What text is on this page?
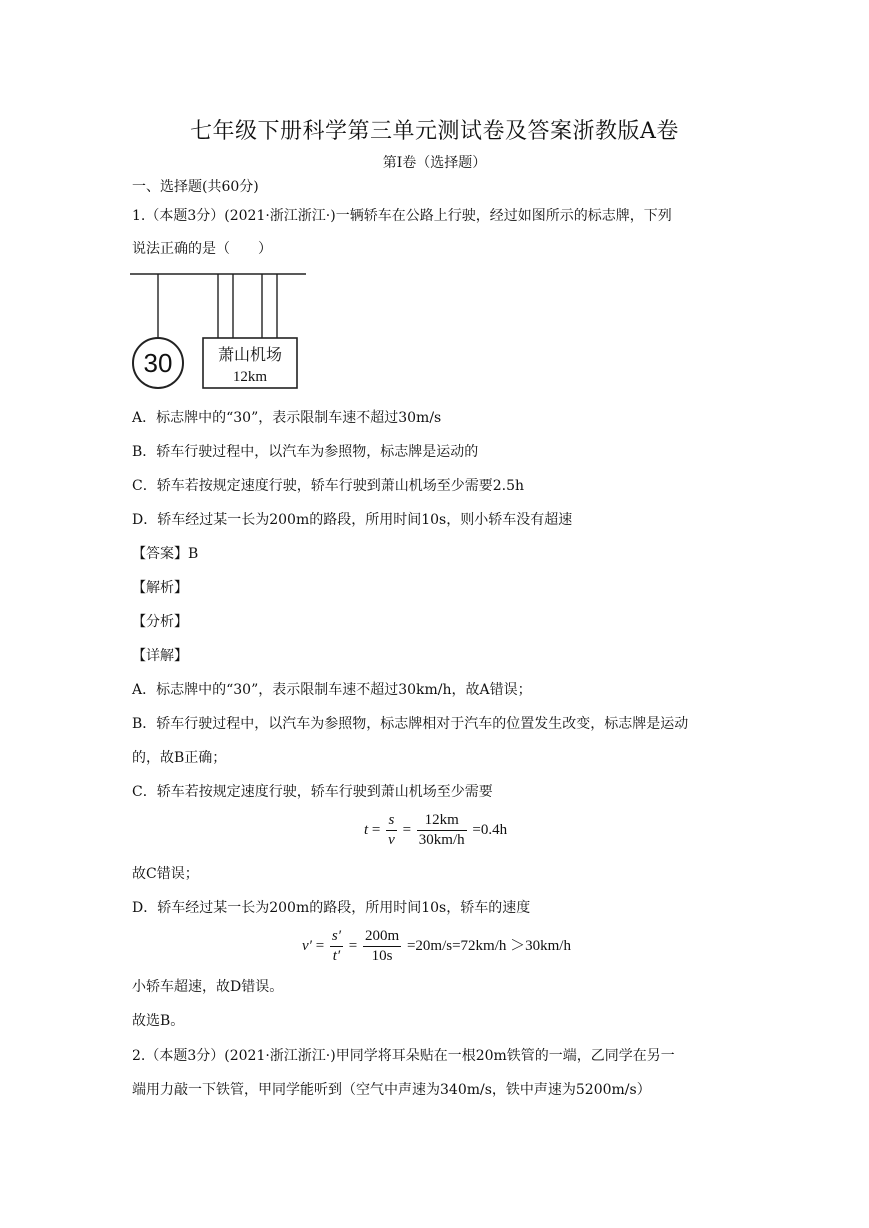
七年级下册科学第三单元测试卷及答案浙教版A卷
第Ⅰ卷（选择题）
一、选择题(共60分)
1.（本题3分）(2021·浙江浙江·)一辆轿车在公路上行驶，经过如图所示的标志牌，下列
说法正确的是（　　）
30	萧山机场
12km
A．标志牌中的“30”，表示限制车速不超过30m/s
B．轿车行驶过程中，以汽车为参照物，标志牌是运动的
C．轿车若按规定速度行驶，轿车行驶到萧山机场至少需要2.5h
D．轿车经过某一长为200m的路段，所用时间10s，则小轿车没有超速
【答案】B
【解析】
【分析】
【详解】
A．标志牌中的“30”，表示限制车速不超过30km/h，故A错误；
B．轿车行驶过程中，以汽车为参照物，标志牌相对于汽车的位置发生改变，标志牌是运动
的，故B正确；
C．轿车若按规定速度行驶，轿车行驶到萧山机场至少需要
$t = \frac{s}{v} = \frac{12km}{30km/h} =0.4h$
故C错误；
D．轿车经过某一长为200m的路段，所用时间10s，轿车的速度
$v' = \frac{s'}{t'} = \frac{200m}{10s} =20m/s=72km/h >30km/h$
小轿车超速，故D错误。
故选B。
2.（本题3分）(2021·浙江浙江·)甲同学将耳朵贴在一根20m铁管的一端，乙同学在另一
端用力敲一下铁管，甲同学能听到（空气中声速为340m/s，铁中声速为5200m/s）
